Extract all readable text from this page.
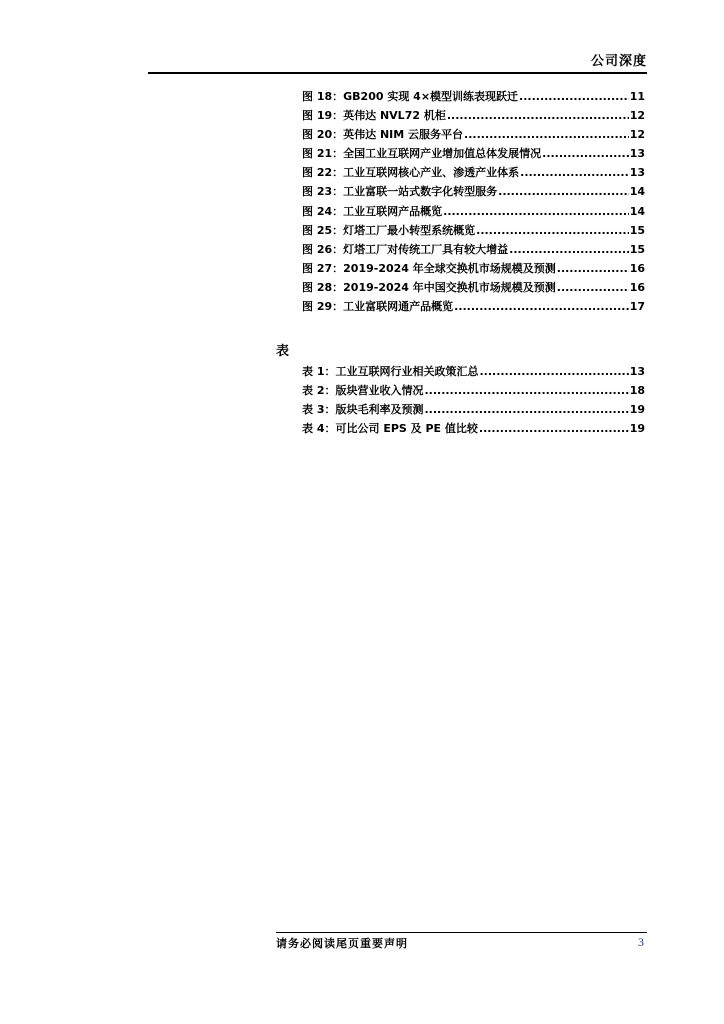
公司深度
图 18：GB200 实现 4×模型训练表现跃迁 .....	11
图 19：英伟达 NVL72 机柜 .....	12
图 20：英伟达 NIM 云服务平台 .....	12
图 21：全国工业互联网产业增加值总体发展情况 .....	13
图 22：工业互联网核心产业、渗透产业体系 .....	13
图 23：工业富联一站式数字化转型服务 .....	14
图 24：工业互联网产品概览 .....	14
图 25：灯塔工厂最小转型系统概览 .....	15
图 26：灯塔工厂对传统工厂具有较大增益 .....	15
图 27：2019-2024 年全球交换机市场规模及预测 .....	16
图 28：2019-2024 年中国交换机市场规模及预测 .....	16
图 29：工业富联网通产品概览 .....	17
表
表 1：工业互联网行业相关政策汇总 .....	13
表 2：版块营业收入情况 .....	18
表 3：版块毛利率及预测 .....	19
表 4：可比公司 EPS 及 PE 值比较 .....	19
请务必阅读尾页重要声明	3
